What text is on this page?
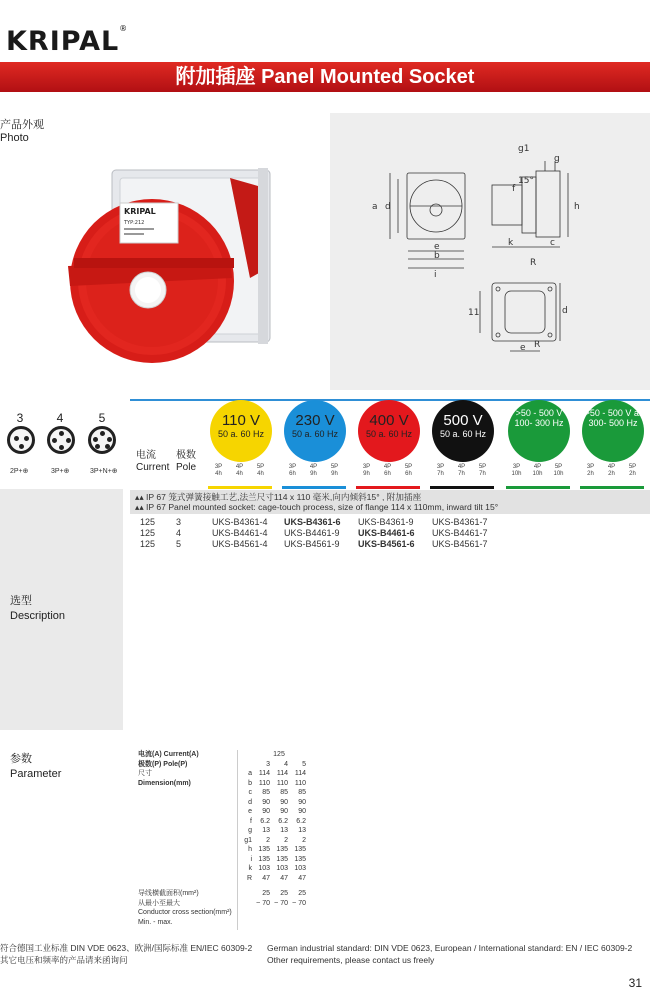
KRIPAL ®
附加插座 Panel Mounted Socket
产品外观
Photo
KRIPAL
TYP:212
a d
e
b
i
g1
g
f
15°
h
k	c
R
11	d
e R
3	4	5
2P+⊕	3P+⊕	3P+N+⊕
电流 极数
Current Pole
110 V
50 a. 60 Hz
3P 4P 5P
4h 4h 4h
230 V
50 a. 60 Hz
3P 4P 5P
6h 9h 9h
400 V
50 a. 60 Hz
3P 4P 5P
9h 6h 6h
500 V
50 a. 60 Hz
3P 4P 5P
7h 7h 7h
>50 - 500 V 100- 300 Hz
3P 4P 5P
10h 10h 10h
>50 - 500 V a. 300- 500 Hz
3P 4P 5P
2h 2h 2h
▴▴ IP 67 笼式弹簧接触工艺,法兰尺寸114 x 110 毫米,向内倾斜15° , 附加插座
▴▴ IP 67 Panel mounted socket: cage-touch process, size of flange 114 x 110mm, inward tilt 15°
选型
Description
125 3	UKS-B4361-4 UKS-B4361-6 UKS-B4361-9 UKS-B4361-7
125 4	UKS-B4461-4 UKS-B4461-9 UKS-B4461-6 UKS-B4461-7
125 5	UKS-B4561-4 UKS-B4561-9 UKS-B4561-6 UKS-B4561-7
参数
Parameter
电流(A) Current(A)	125
极数(P) Pole(P)	3	4	5
尺寸	a 114 114 114
Dimension(mm)	b 110 110 110
c	85	85	85
d	90	90	90
e	90	90	90
f	6.2	6.2	6.2
g	13	13	13
g1	2	2	2
h 135 135 135
i 135 135 135
k 103 103 103
R	47	47	47
导线横截面积(mm²)	25	25	25
从最小至最大	~ 70 ~ 70 ~ 70
Conductor cross section(mm²)
Min. - max.
符合德国工业标准 DIN VDE 0623、欧洲/国际标准 EN/IEC 60309-2
其它电压和频率的产品请来函询问
German industrial standard: DIN VDE 0623, European / International standard: EN / IEC 60309-2
Other requirements, please contact us freely
31
